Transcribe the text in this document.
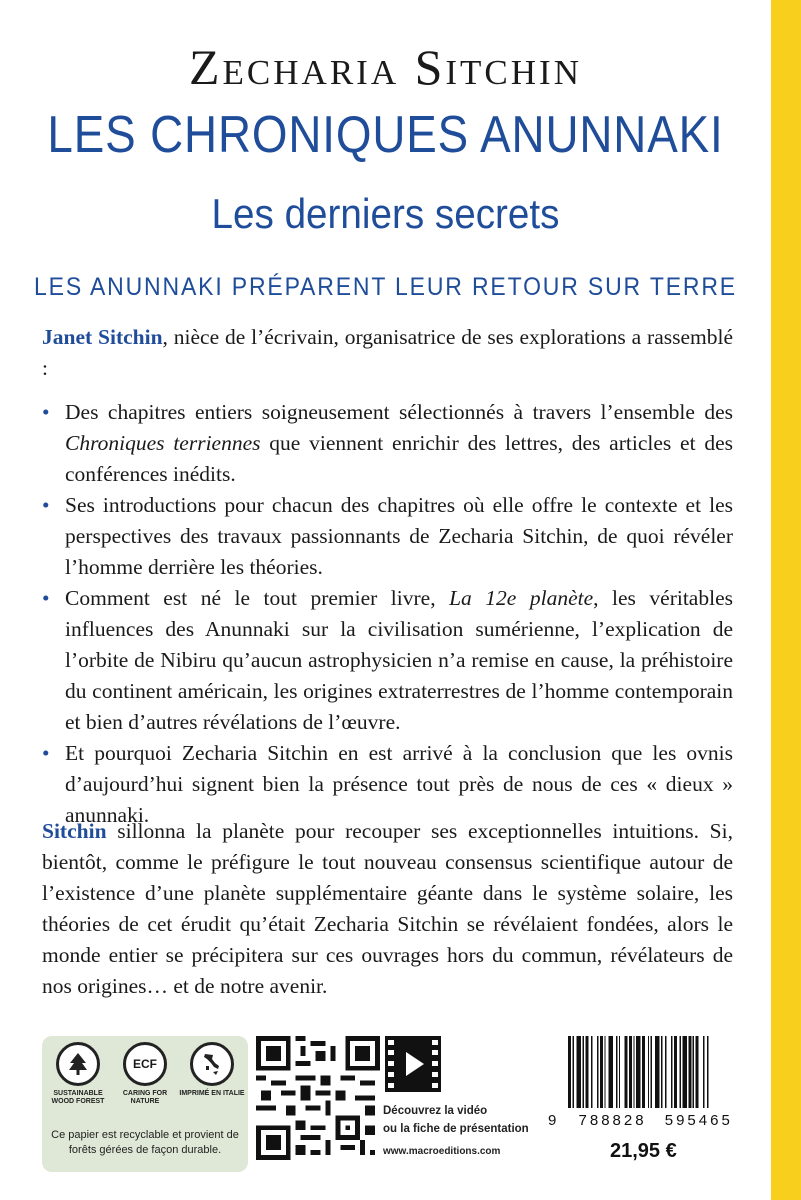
Zecharia Sitchin
LES CHRONIQUES ANUNNAKI
Les derniers secrets
LES ANUNNAKI PRÉPARENT LEUR RETOUR SUR TERRE
Janet Sitchin, nièce de l’écrivain, organisatrice de ses explorations a rassemblé :
• Des chapitres entiers soigneusement sélectionnés à travers l’ensemble des Chroniques terriennes que viennent enrichir des lettres, des articles et des conférences inédits.
• Ses introductions pour chacun des chapitres où elle offre le contexte et les perspectives des travaux passionnants de Zecharia Sitchin, de quoi révéler l’homme derrière les théories.
• Comment est né le tout premier livre, La 12e planète, les véritables influences des Anunnaki sur la civilisation sumérienne, l’explication de l’orbite de Nibiru qu’aucun astrophysicien n’a remise en cause, la préhistoire du continent américain, les origines extraterrestres de l’homme contemporain et bien d’autres révélations de l’œuvre.
• Et pourquoi Zecharia Sitchin en est arrivé à la conclusion que les ovnis d’aujourd’hui signent bien la présence tout près de nous de ces « dieux » anunnaki.
Sitchin sillonna la planète pour recouper ses exceptionnelles intuitions. Si, bientôt, comme le préfigure le tout nouveau consensus scientifique autour de l’existence d’une planète supplémentaire géante dans le système solaire, les théories de cet érudit qu’était Zecharia Sitchin se révélaient fondées, alors le monde entier se précipitera sur ces ouvrages hors du commun, révélateurs de nos origines… et de notre avenir.
SUSTAINABLE WOOD FOREST
ECF
CARING FOR NATURE
IMPRIMÉ EN ITALIE
Ce papier est recyclable et provient de forêts gérées de façon durable.
Découvrez la vidéo
ou la fiche de présentation
www.macroeditions.com
9 788828 595465
21,95 €
